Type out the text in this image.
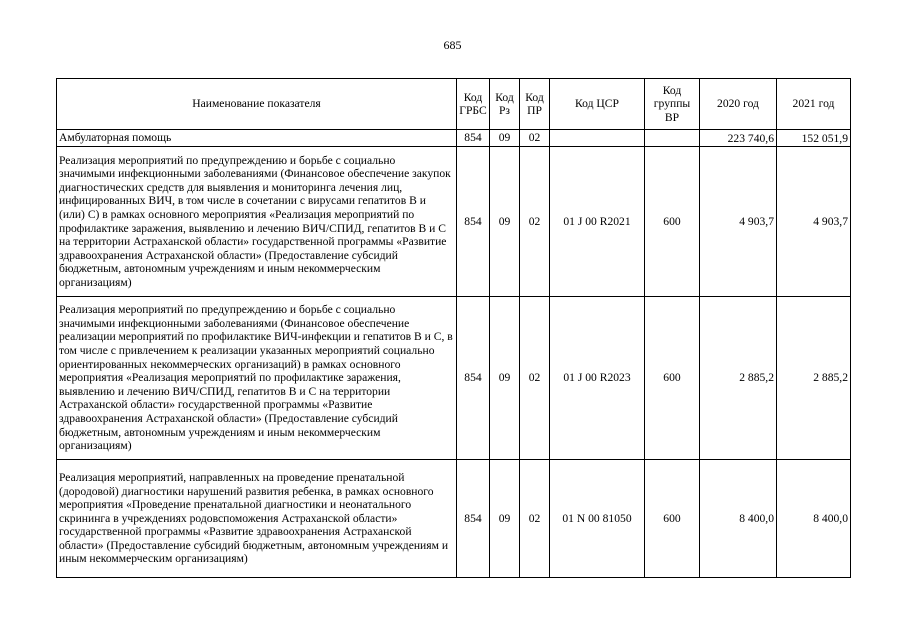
685
Наименование показателя	Код ГРБС	Код Рз	Код ПР	Код ЦСР	Код группы ВР	2020 год	2021 год
Амбулаторная помощь	854	09	02			223 740,6	152 051,9
Реализация мероприятий по предупреждению и борьбе с социально значимыми инфекционными заболеваниями (Финансовое обеспечение закупок диагностических средств для выявления и мониторинга лечения лиц, инфицированных ВИЧ, в том числе в сочетании с вирусами гепатитов В и (или) С) в рамках основного мероприятия «Реализация мероприятий по профилактике заражения, выявлению и лечению ВИЧ/СПИД, гепатитов В и С на территории Астраханской области» государственной программы «Развитие здравоохранения Астраханской области» (Предоставление субсидий бюджетным, автономным учреждениям и иным некоммерческим организациям)	854	09	02	01 J 00 R2021	600	4 903,7	4 903,7
Реализация мероприятий по предупреждению и борьбе с социально значимыми инфекционными заболеваниями (Финансовое обеспечение реализации мероприятий по профилактике ВИЧ-инфекции и гепатитов В и С, в том числе с привлечением к реализации указанных мероприятий социально ориентированных некоммерческих организаций) в рамках основного мероприятия «Реализация мероприятий по профилактике заражения, выявлению и лечению ВИЧ/СПИД, гепатитов В и С на территории Астраханской области» государственной программы «Развитие здравоохранения Астраханской области» (Предоставление субсидий бюджетным, автономным учреждениям и иным некоммерческим организациям)	854	09	02	01 J 00 R2023	600	2 885,2	2 885,2
Реализация мероприятий, направленных на проведение пренатальной (дородовой) диагностики нарушений развития ребенка, в рамках основного мероприятия «Проведение пренатальной диагностики и неонатального скрининга в учреждениях родовспоможения Астраханской области» государственной программы «Развитие здравоохранения Астраханской области» (Предоставление субсидий бюджетным, автономным учреждениям и иным некоммерческим организациям)	854	09	02	01 N 00 81050	600	8 400,0	8 400,0
